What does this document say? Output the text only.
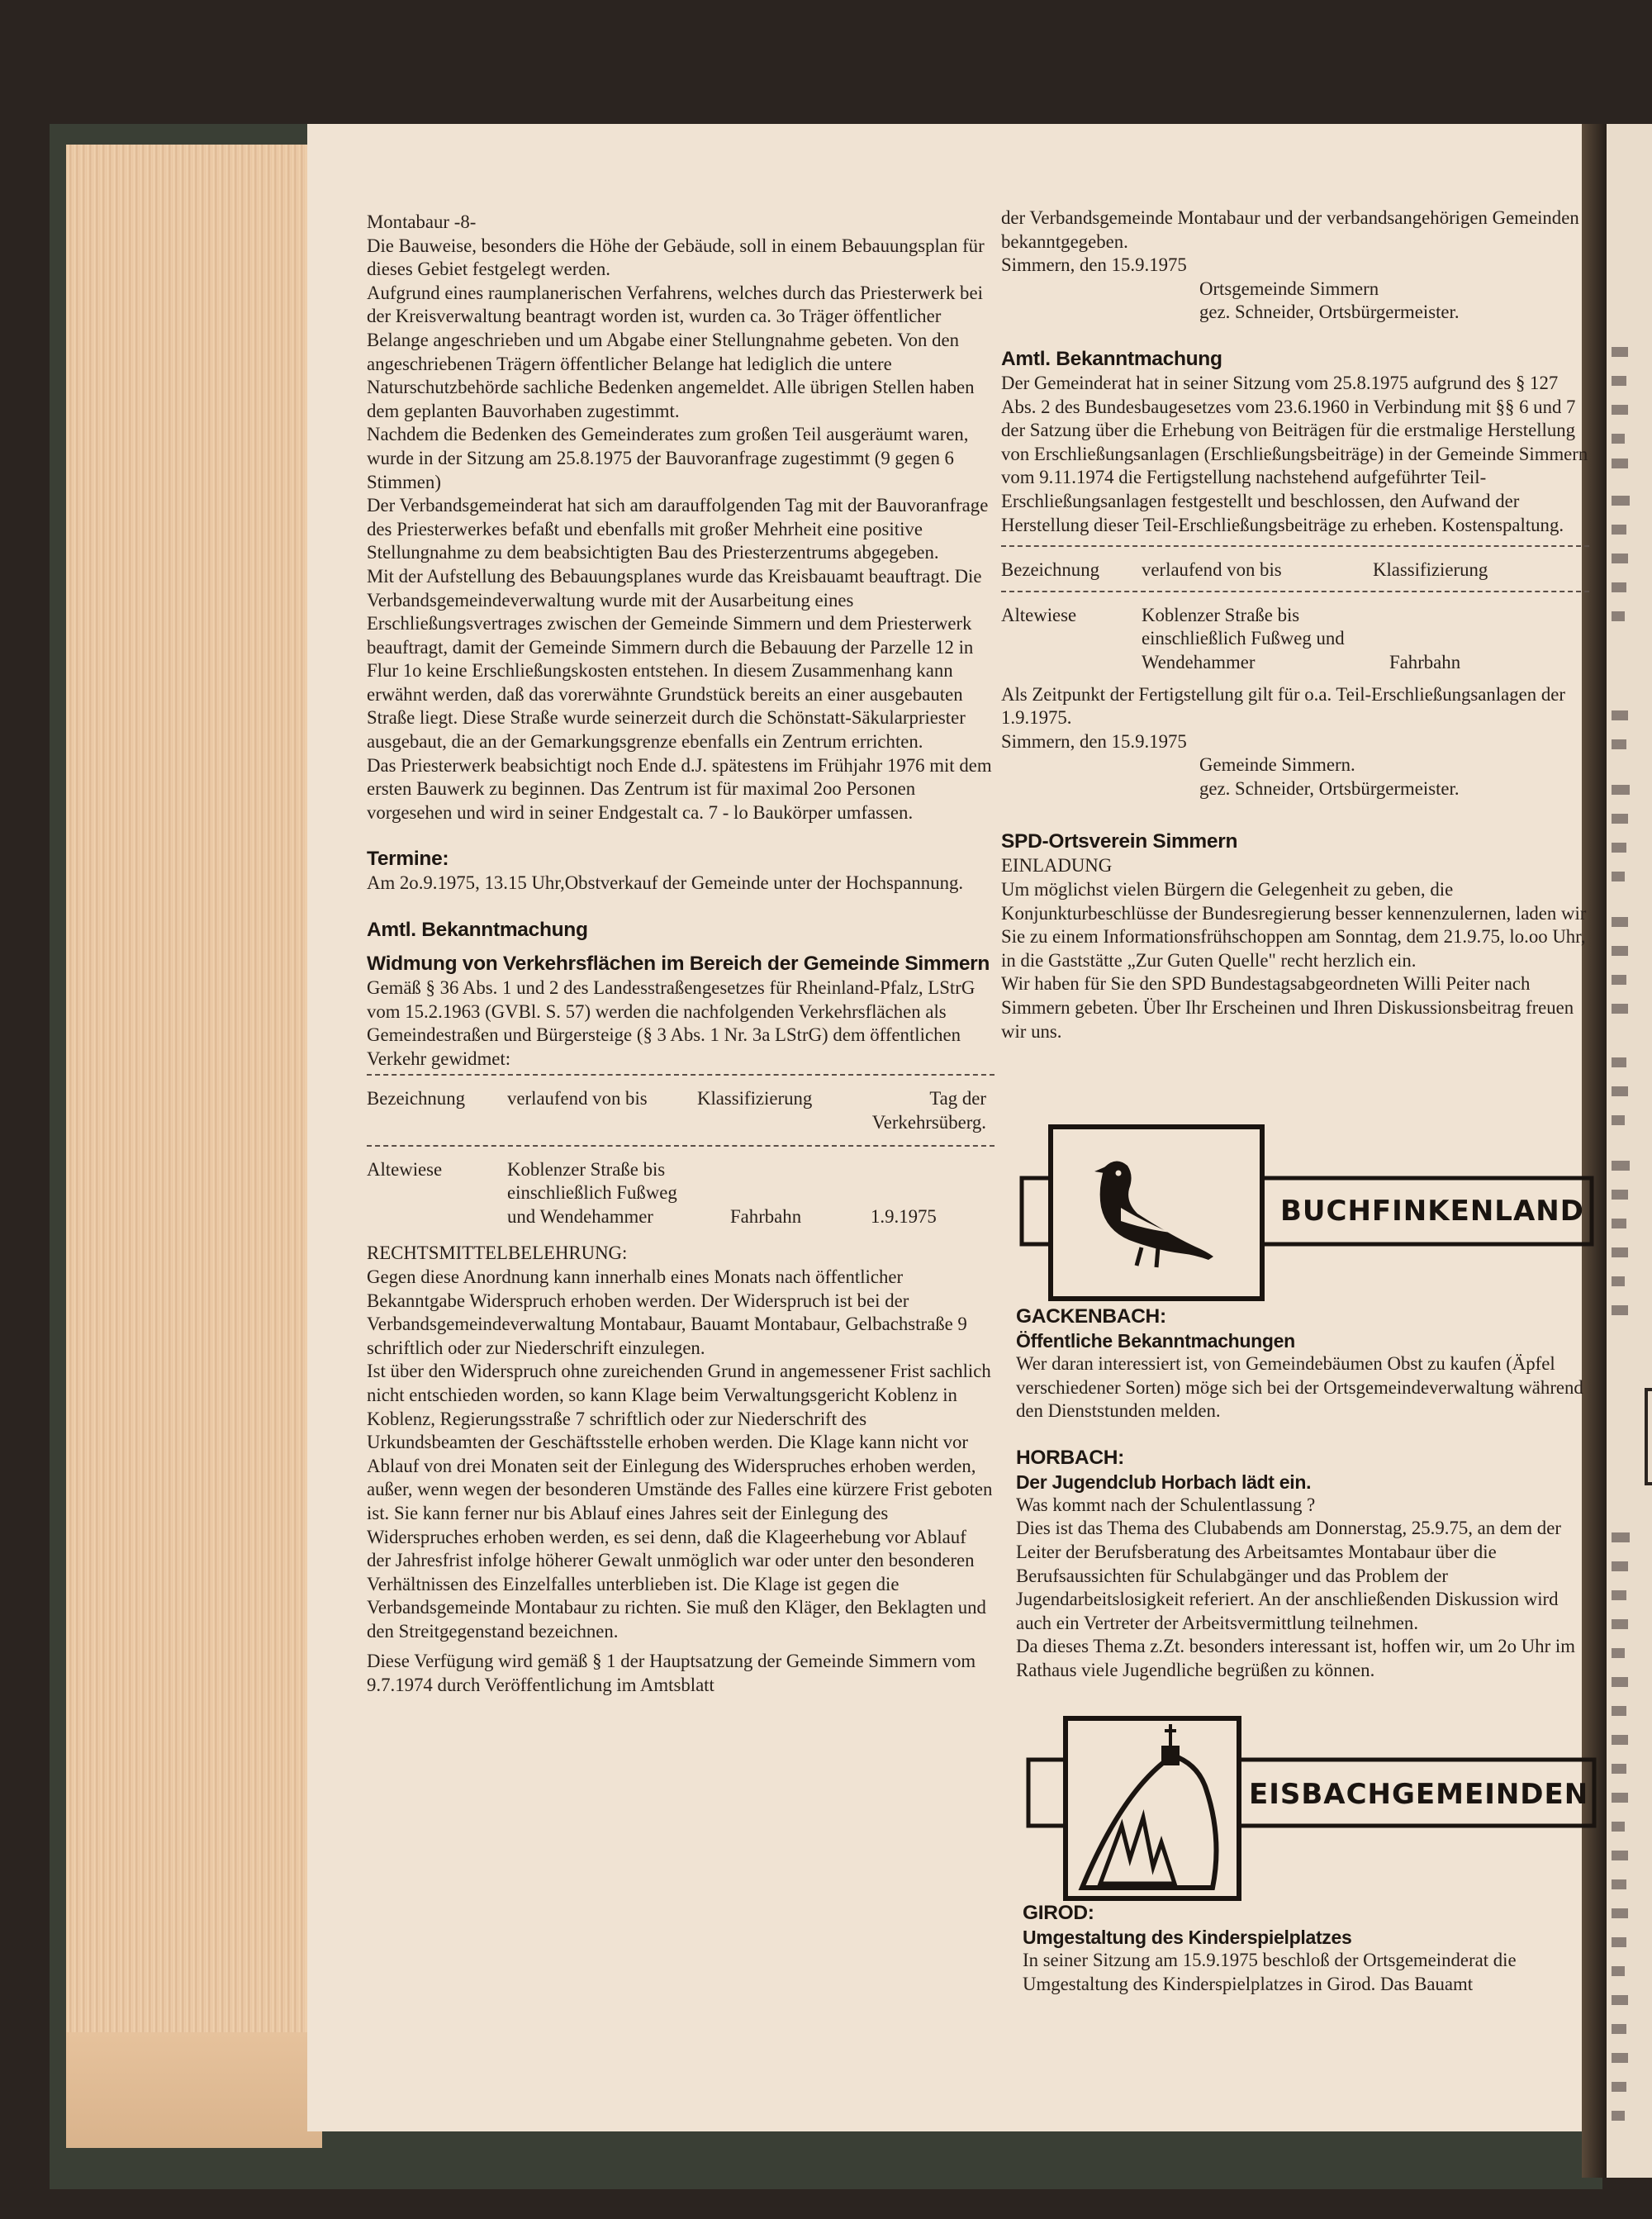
Montabaur -8-

Die Bauweise, besonders die Höhe der Gebäude, soll in einem Bebauungsplan für dieses Gebiet festgelegt werden.

Aufgrund eines raumplanerischen Verfahrens, welches durch das Priesterwerk bei der Kreisverwaltung beantragt worden ist, wurden ca. 3o Träger öffentlicher Belange angeschrieben und um Abgabe einer Stellungnahme gebeten. Von den angeschriebenen Trägern öffentlicher Belange hat lediglich die untere Naturschutzbehörde sachliche Bedenken angemeldet. Alle übrigen Stellen haben dem geplanten Bauvorhaben zugestimmt.

Nachdem die Bedenken des Gemeinderates zum großen Teil ausgeräumt waren, wurde in der Sitzung am 25.8.1975 der Bauvoranfrage zugestimmt (9 gegen 6 Stimmen)

Der Verbandsgemeinderat hat sich am darauffolgenden Tag mit der Bauvoranfrage des Priesterwerkes befaßt und ebenfalls mit großer Mehrheit eine positive Stellungnahme zu dem beabsichtigten Bau des Priesterzentrums abgegeben.

Mit der Aufstellung des Bebauungsplanes wurde das Kreisbauamt beauftragt. Die Verbandsgemeindeverwaltung wurde mit der Ausarbeitung eines Erschließungsvertrages zwischen der Gemeinde Simmern und dem Priesterwerk beauftragt, damit der Gemeinde Simmern durch die Bebauung der Parzelle 12 in Flur 1o keine Erschließungskosten entstehen. In diesem Zusammenhang kann erwähnt werden, daß das vorerwähnte Grundstück bereits an einer ausgebauten Straße liegt. Diese Straße wurde seinerzeit durch die Schönstatt-Säkularpriester ausgebaut, die an der Gemarkungsgrenze ebenfalls ein Zentrum errichten.

Das Priesterwerk beabsichtigt noch Ende d.J. spätestens im Frühjahr 1976 mit dem ersten Bauwerk zu beginnen. Das Zentrum ist für maximal 2oo Personen vorgesehen und wird in seiner Endgestalt ca. 7 - lo Baukörper umfassen.

Termine:

Am 2o.9.1975, 13.15 Uhr,Obstverkauf der Gemeinde unter der Hochspannung.

Amtl. Bekanntmachung
Widmung von Verkehrsflächen im Bereich der Gemeinde Simmern

Gemäß § 36 Abs. 1 und 2 des Landesstraßengesetzes für Rheinland-Pfalz, LStrG vom 15.2.1963 (GVBl. S. 57) werden die nachfolgenden Verkehrsflächen als Gemeindestraßen und Bürgersteige (§ 3 Abs. 1 Nr. 3a LStrG) dem öffentlichen Verkehr gewidmet:

Bezeichnung	verlaufend von bis	Klassifizierung	Tag der Verkehrsüberg.
Altewiese	Koblenzer Straße bis einschließlich Fußweg und Wendehammer	Fahrbahn	1.9.1975

RECHTSMITTELBELEHRUNG:

Gegen diese Anordnung kann innerhalb eines Monats nach öffentlicher Bekanntgabe Widerspruch erhoben werden. Der Widerspruch ist bei der Verbandsgemeindeverwaltung Montabaur, Bauamt Montabaur, Gelbachstraße 9 schriftlich oder zur Niederschrift einzulegen.

Ist über den Widerspruch ohne zureichenden Grund in angemessener Frist sachlich nicht entschieden worden, so kann Klage beim Verwaltungsgericht Koblenz in Koblenz, Regierungsstraße 7 schriftlich oder zur Niederschrift des Urkundsbeamten der Geschäftsstelle erhoben werden. Die Klage kann nicht vor Ablauf von drei Monaten seit der Einlegung des Widerspruches erhoben werden, außer, wenn wegen der besonderen Umstände des Falles eine kürzere Frist geboten ist. Sie kann ferner nur bis Ablauf eines Jahres seit der Einlegung des Widerspruches erhoben werden, es sei denn, daß die Klageerhebung vor Ablauf der Jahresfrist infolge höherer Gewalt unmöglich war oder unter den besonderen Verhältnissen des Einzelfalles unterblieben ist. Die Klage ist gegen die Verbandsgemeinde Montabaur zu richten. Sie muß den Kläger, den Beklagten und den Streitgegenstand bezeichnen.

Diese Verfügung wird gemäß § 1 der Hauptsatzung der Gemeinde Simmern vom 9.7.1974 durch Veröffentlichung im Amtsblatt

der Verbandsgemeinde Montabaur und der verbandsangehörigen Gemeinden bekanntgegeben.

Simmern, den 15.9.1975

Ortsgemeinde Simmern

gez. Schneider, Ortsbürgermeister.

Amtl. Bekanntmachung

Der Gemeinderat hat in seiner Sitzung vom 25.8.1975 aufgrund des § 127 Abs. 2 des Bundesbaugesetzes vom 23.6.1960 in Verbindung mit §§ 6 und 7 der Satzung über die Erhebung von Beiträgen für die erstmalige Herstellung von Erschließungsanlagen (Erschließungsbeiträge) in der Gemeinde Simmern vom 9.11.1974 die Fertigstellung nachstehend aufgeführter Teil-Erschließungsanlagen festgestellt und beschlossen, den Aufwand der Herstellung dieser Teil-Erschließungsbeiträge zu erheben. Kostenspaltung.

Bezeichnung	verlaufend von bis	Klassifizierung
Altewiese	Koblenzer Straße bis einschließlich Fußweg und Wendehammer	Fahrbahn

Als Zeitpunkt der Fertigstellung gilt für o.a. Teil-Erschließungsanlagen der 1.9.1975.

Simmern, den 15.9.1975

Gemeinde Simmern.

gez. Schneider, Ortsbürgermeister.

SPD-Ortsverein Simmern

EINLADUNG

Um möglichst vielen Bürgern die Gelegenheit zu geben, die Konjunkturbeschlüsse der Bundesregierung besser kennenzulernen, laden wir Sie zu einem Informationsfrühschoppen am Sonntag, dem 21.9.75, lo.oo Uhr, in die Gaststätte „Zur Guten Quelle" recht herzlich ein.

Wir haben für Sie den SPD Bundestagsabgeordneten Willi Peiter nach Simmern gebeten. Über Ihr Erscheinen und Ihren Diskussionsbeitrag freuen wir uns.

BUCHFINKENLAND
GACKENBACH:
Öffentliche Bekanntmachungen

Wer daran interessiert ist, von Gemeindebäumen Obst zu kaufen (Äpfel verschiedener Sorten) möge sich bei der Ortsgemeindeverwaltung während den Dienststunden melden.

HORBACH:
Der Jugendclub Horbach lädt ein.

Was kommt nach der Schulentlassung ?

Dies ist das Thema des Clubabends am Donnerstag, 25.9.75, an dem der Leiter der Berufsberatung des Arbeitsamtes Montabaur über die Berufsaussichten für Schulabgänger und das Problem der Jugendarbeitslosigkeit referiert. An der anschließenden Diskussion wird auch ein Vertreter der Arbeitsvermittlung teilnehmen.

Da dieses Thema z.Zt. besonders interessant ist, hoffen wir, um 2o Uhr im Rathaus viele Jugendliche begrüßen zu können.

EISBACHGEMEINDEN
GIROD:
Umgestaltung des Kinderspielplatzes

In seiner Sitzung am 15.9.1975 beschloß der Ortsgemeinderat die Umgestaltung des Kinderspielplatzes in Girod. Das Bauamt
